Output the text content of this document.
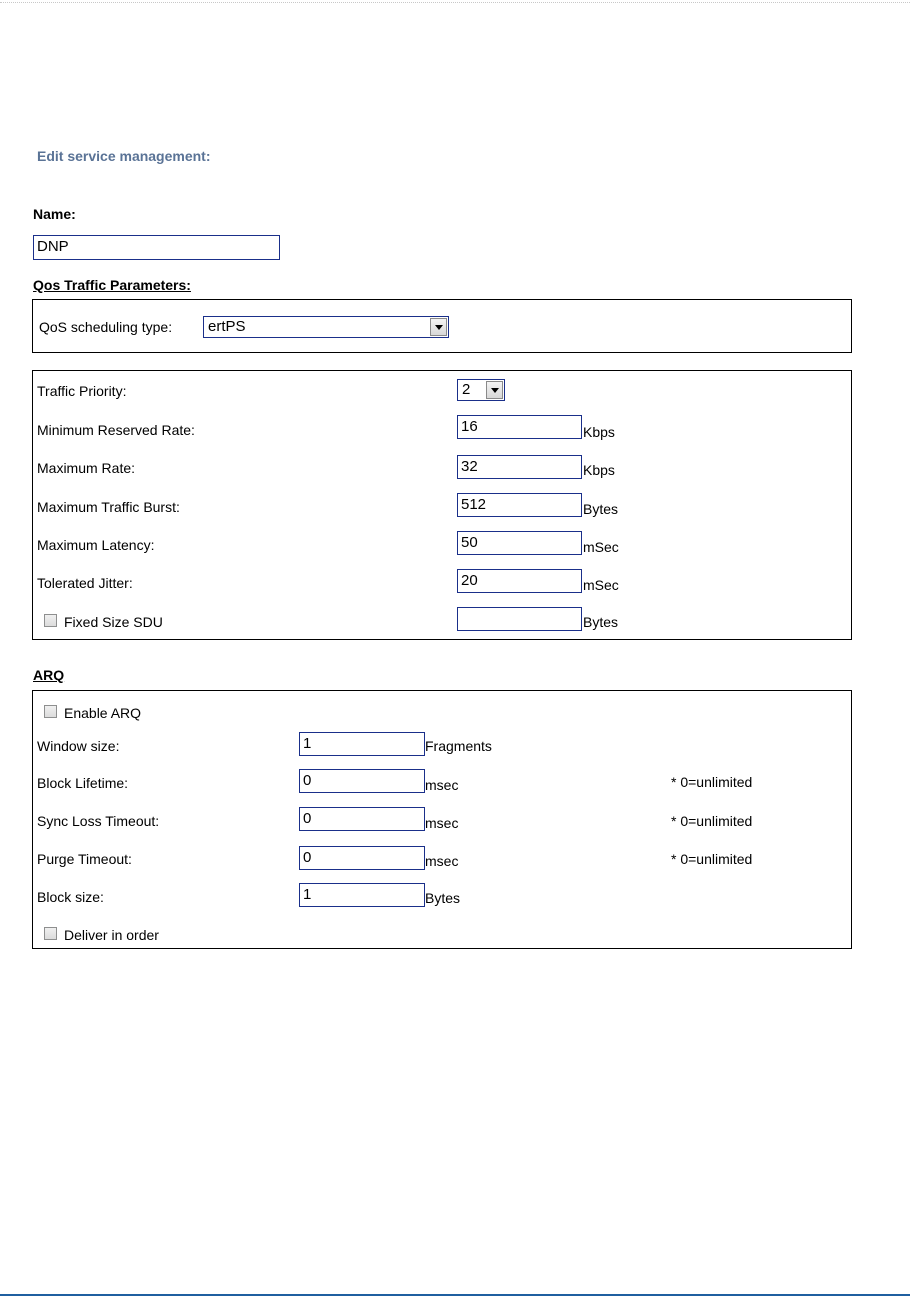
Edit service management:
Name:
DNP
Qos Traffic Parameters:
QoS scheduling type: ertPS
Traffic Priority:	2
Minimum Reserved Rate:	16	Kbps
Maximum Rate:	32	Kbps
Maximum Traffic Burst:	512	Bytes
Maximum Latency:	50	mSec
Tolerated Jitter:	20	mSec
Fixed Size SDU	Bytes
ARQ
Enable ARQ
Window size:	1	Fragments
Block Lifetime:	0	msec	* 0=unlimited
Sync Loss Timeout:	0	msec	* 0=unlimited
Purge Timeout:	0	msec	* 0=unlimited
Block size:	1	Bytes
Deliver in order
